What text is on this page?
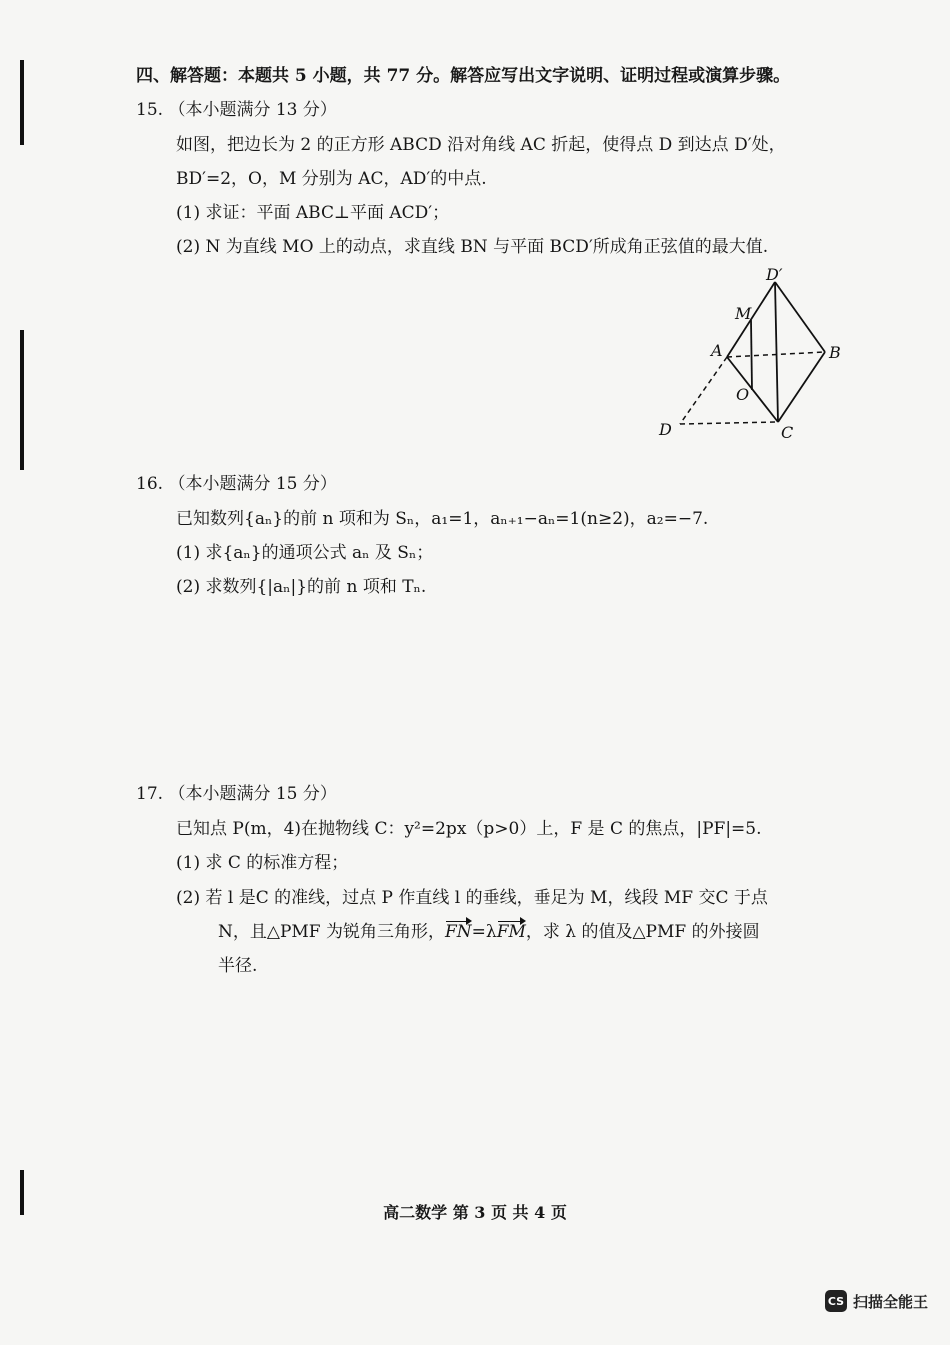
四、解答题：本题共 5 小题，共 77 分。解答应写出文字说明、证明过程或演算步骤。
15. （本小题满分 13 分）
如图，把边长为 2 的正方形 ABCD 沿对角线 AC 折起，使得点 D 到达点 D′处，
BD′=2，O，M 分别为 AC，AD′的中点.
(1) 求证：平面 ABC⊥平面 ACD′；
(2) N 为直线 MO 上的动点，求直线 BN 与平面 BCD′所成角正弦值的最大值.
D′
M
A	B
O
D	C
16. （本小题满分 15 分）
已知数列{aₙ}的前 n 项和为 Sₙ，a₁=1，aₙ₊₁−aₙ=1(n≥2)，a₂=−7.
(1) 求{aₙ}的通项公式 aₙ 及 Sₙ；
(2) 求数列{|aₙ|}的前 n 项和 Tₙ.
17. （本小题满分 15 分）
已知点 P(m，4)在抛物线 C：y²=2px（p>0）上，F 是 C 的焦点，|PF|=5.
(1) 求 C 的标准方程；
(2) 若 l 是C 的准线，过点 P 作直线 l 的垂线，垂足为 M，线段 MF 交C 于点
N，且△PMF 为锐角三角形，FN=λFM，求 λ 的值及△PMF 的外接圆
半径.
高二数学 第 3 页 共 4 页
CS 扫描全能王
